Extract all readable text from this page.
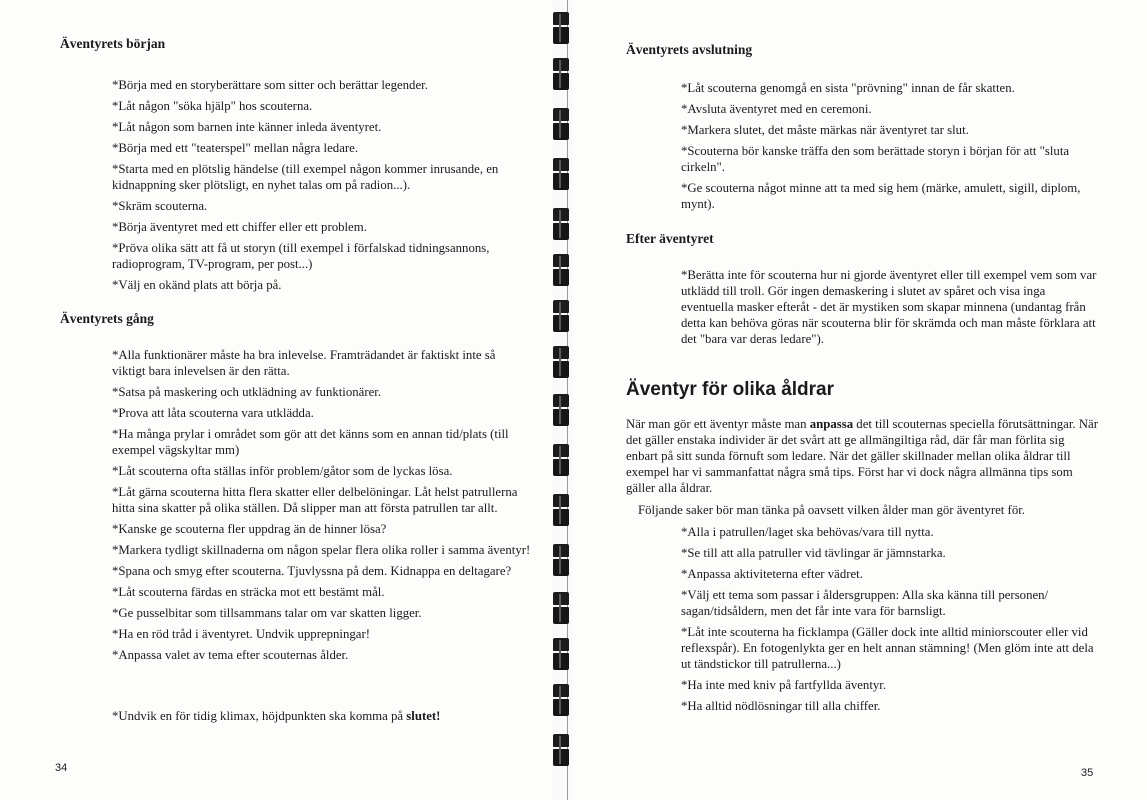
Äventyrets början

*Börja med en storyberättare som sitter och berättar legender.

*Låt någon "söka hjälp" hos scouterna.

*Låt någon som barnen inte känner inleda äventyret.

*Börja med ett "teaterspel" mellan några ledare.

*Starta med en plötslig händelse (till exempel någon kommer inrusande, en kidnappning sker plötsligt, en nyhet talas om på radion...).

*Skräm scouterna.

*Börja äventyret med ett chiffer eller ett problem.

*Pröva olika sätt att få ut storyn (till exempel i förfalskad tidningsannons, radioprogram, TV-program, per post...)

*Välj en okänd plats att börja på.

Äventyrets gång

*Alla funktionärer måste ha bra inlevelse. Framträdandet är faktiskt inte så viktigt bara inlevelsen är den rätta.

*Satsa på maskering och utklädning av funktionärer.

*Prova att låta scouterna vara utklädda.

*Ha många prylar i området som gör att det känns som en annan tid/plats (till exempel vägskyltar mm)

*Låt scouterna ofta ställas inför problem/gåtor som de lyckas lösa.

*Låt gärna scouterna hitta flera skatter eller delbelöningar. Låt helst patrullerna hitta sina skatter på olika ställen. Då slipper man att första patrullen tar allt.

*Kanske ge scouterna fler uppdrag än de hinner lösa?

*Markera tydligt skillnaderna om någon spelar flera olika roller i samma äventyr!

*Spana och smyg efter scouterna. Tjuvlyssna på dem. Kidnappa en deltagare?

*Låt scouterna färdas en sträcka mot ett bestämt mål.

*Ge pusselbitar som tillsammans talar om var skatten ligger.

*Ha en röd tråd i äventyret. Undvik upprepningar!

*Anpassa valet av tema efter scouternas ålder.

*Undvik en för tidig klimax, höjdpunkten ska komma på slutet!

34
Äventyrets avslutning

*Låt scouterna genomgå en sista "prövning" innan de får skatten.

*Avsluta äventyret med en ceremoni.

*Markera slutet, det måste märkas när äventyret tar slut.

*Scouterna bör kanske träffa den som berättade storyn i början för att "sluta cirkeln".

*Ge scouterna något minne att ta med sig hem (märke, amulett, sigill, diplom, mynt).

Efter äventyret

*Berätta inte för scouterna hur ni gjorde äventyret eller till exempel vem som var utklädd till troll. Gör ingen demaskering i slutet av spåret och visa inga eventuella masker efteråt - det är mystiken som skapar minnena (undantag från detta kan behöva göras när scouterna blir för skrämda och man måste förklara att det "bara var deras ledare").

Äventyr för olika åldrar

När man gör ett äventyr måste man anpassa det till scouternas speciella förutsättningar. När det gäller enstaka individer är det svårt att ge allmängiltiga råd, där får man förlita sig enbart på sitt sunda förnuft som ledare. När det gäller skillnader mellan olika åldrar till exempel har vi sammanfattat några små tips. Först har vi dock några allmänna tips som gäller alla åldrar.

Följande saker bör man tänka på oavsett vilken ålder man gör äventyret för.

*Alla i patrullen/laget ska behövas/vara till nytta.

*Se till att alla patruller vid tävlingar är jämnstarka.

*Anpassa aktiviteterna efter vädret.

*Välj ett tema som passar i åldersgruppen: Alla ska känna till personen/ sagan/tidsåldern, men det får inte vara för barnsligt.

*Låt inte scouterna ha ficklampa (Gäller dock inte alltid miniorscouter eller vid reflexspår). En fotogenlykta ger en helt annan stämning! (Men glöm inte att dela ut tändstickor till patrullerna...)

*Ha inte med kniv på fartfyllda äventyr.

*Ha alltid nödlösningar till alla chiffer.

35
